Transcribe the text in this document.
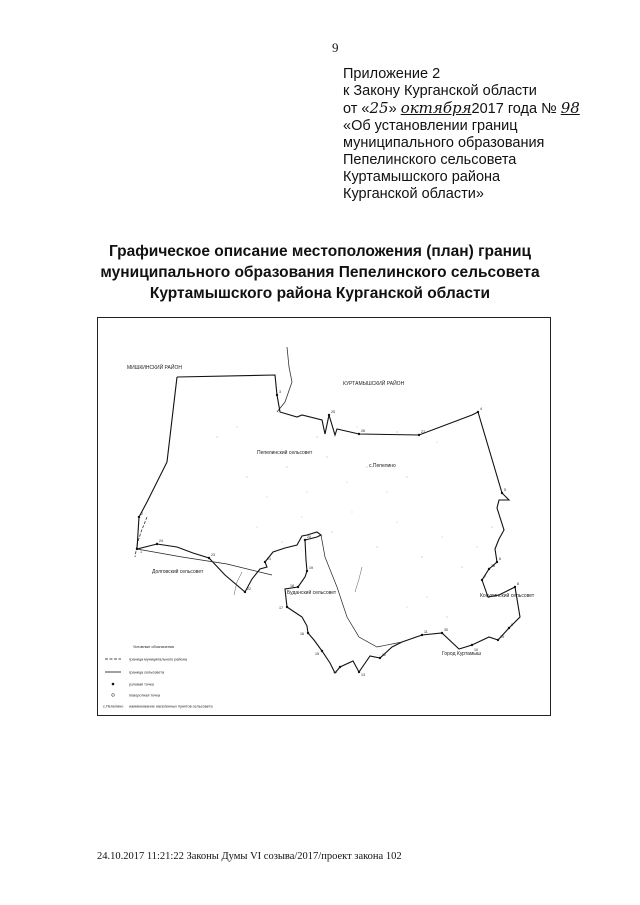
9
Приложение 2
к Закону Курганской области
от «25» октября2017 года № 98
«Об установлении границ
муниципального образования
Пепелинского сельсовета
Куртамышского района
Курганской области»
Графическое описание местоположения (план) границ
муниципального образования Пепелинского сельсовета
Куртамышского района Курганской области
1
2
3
4
5
6
7
8
9
10
11
12
13
14
15
16
17
18
19
20
21
22
23
24
25
26	27
28
29
30
МИШКИНСКИЙ РАЙОН
КУРТАМЫШСКИЙ РАЙОН
Пепелинский сельсовет
с.Пепелино
Долговский сельсовет
Буданский сельсовет	Косулинский сельсовет
Город Куртамыш
Условные обозначения
граница муниципального района
граница сельсовета
узловая точка
поворотная точка
с.Пепелино наименование населенных пунктов сельсовета
24.10.2017 11:21:22 Законы Думы VI созыва/2017/проект закона 102
